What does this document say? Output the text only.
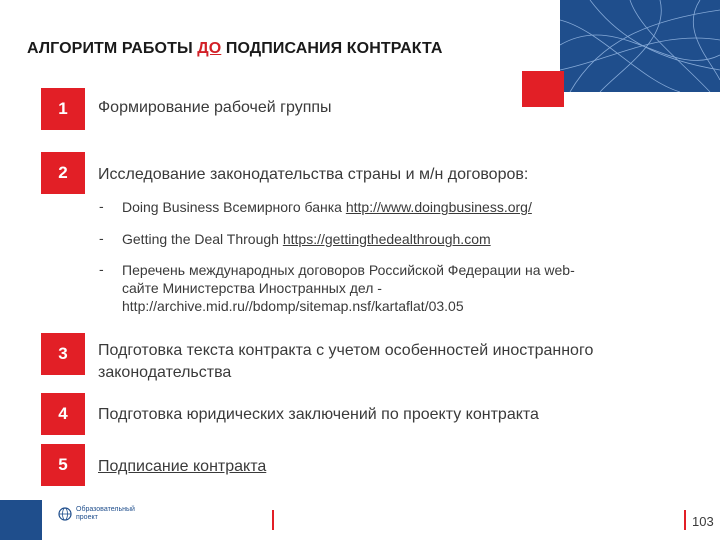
АЛГОРИТМ РАБОТЫ ДО ПОДПИСАНИЯ КОНТРАКТА
1	Формирование рабочей группы
2	Исследование законодательства страны и м/н договоров:
- Doing Business Всемирного банка http://www.doingbusiness.org/
- Getting the Deal Through https://gettingthedealthrough.com
- Перечень международных договоров Российской Федерации на web-
сайте Министерства Иностранных дел -
http://archive.mid.ru//bdomp/sitemap.nsf/kartaflat/03.05
3	Подготовка текста контракта с учетом особенностей иностранного
законодательства
4	Подготовка юридических заключений по проекту контракта
5	Подписание контракта
Образовательный
проект	103
